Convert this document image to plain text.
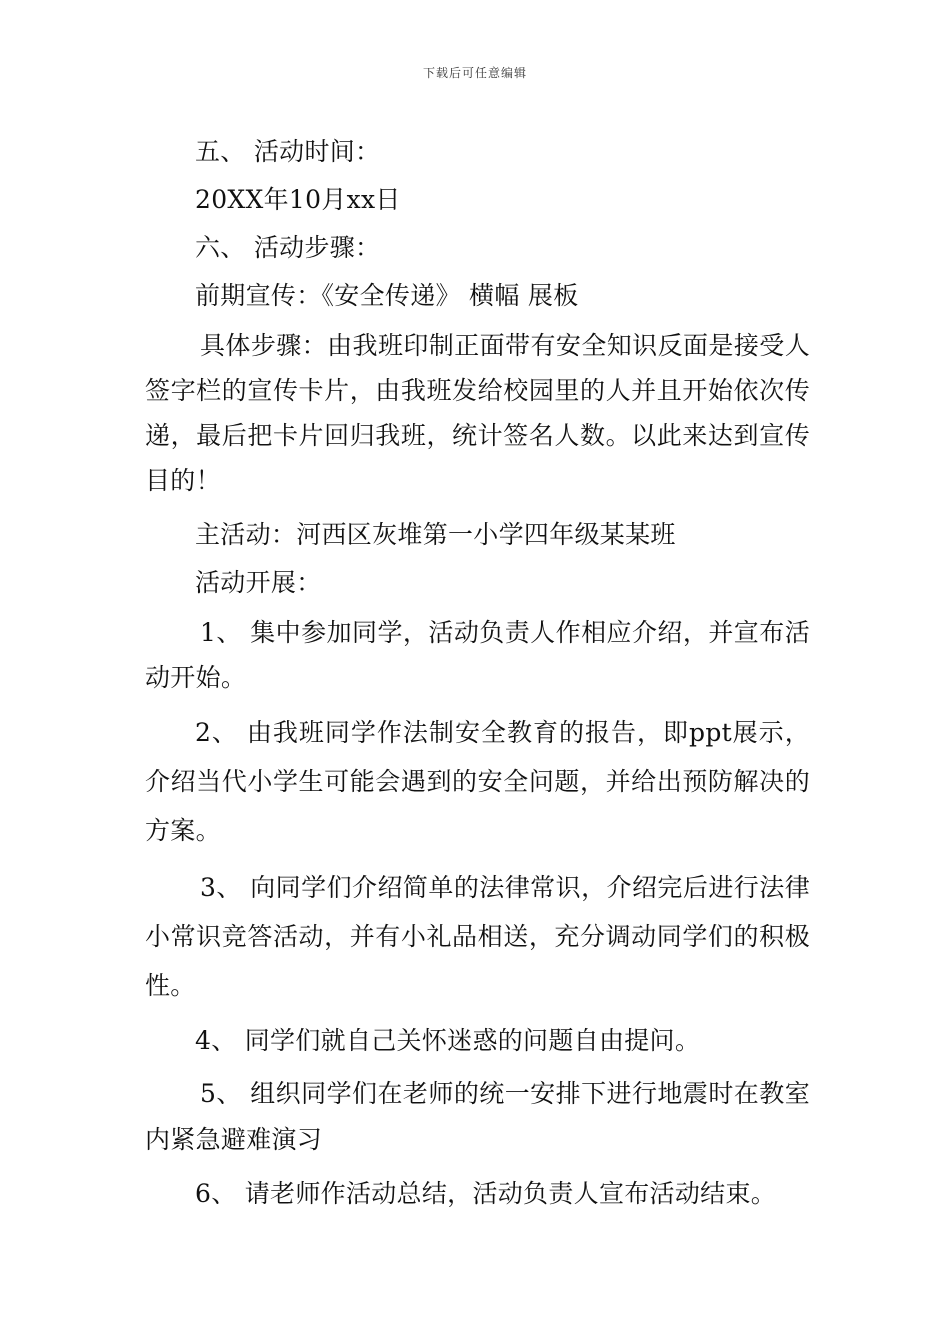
下载后可任意编辑
五、 活动时间：
20XX年10月xx日
六、 活动步骤：
前期宣传：《安全传递》 横幅 展板
具体步骤：由我班印制正面带有安全知识反面是接受人签字栏的宣传卡片，由我班发给校园里的人并且开始依次传递，最后把卡片回归我班，统计签名人数。以此来达到宣传目的！
主活动：河西区灰堆第一小学四年级某某班
活动开展：
1、 集中参加同学，活动负责人作相应介绍，并宣布活动开始。
2、 由我班同学作法制安全教育的报告，即ppt展示，介绍当代小学生可能会遇到的安全问题，并给出预防解决的方案。
3、 向同学们介绍简单的法律常识，介绍完后进行法律小常识竞答活动，并有小礼品相送，充分调动同学们的积极性。
4、 同学们就自己关怀迷惑的问题自由提问。
5、 组织同学们在老师的统一安排下进行地震时在教室内紧急避难演习
6、 请老师作活动总结，活动负责人宣布活动结束。
